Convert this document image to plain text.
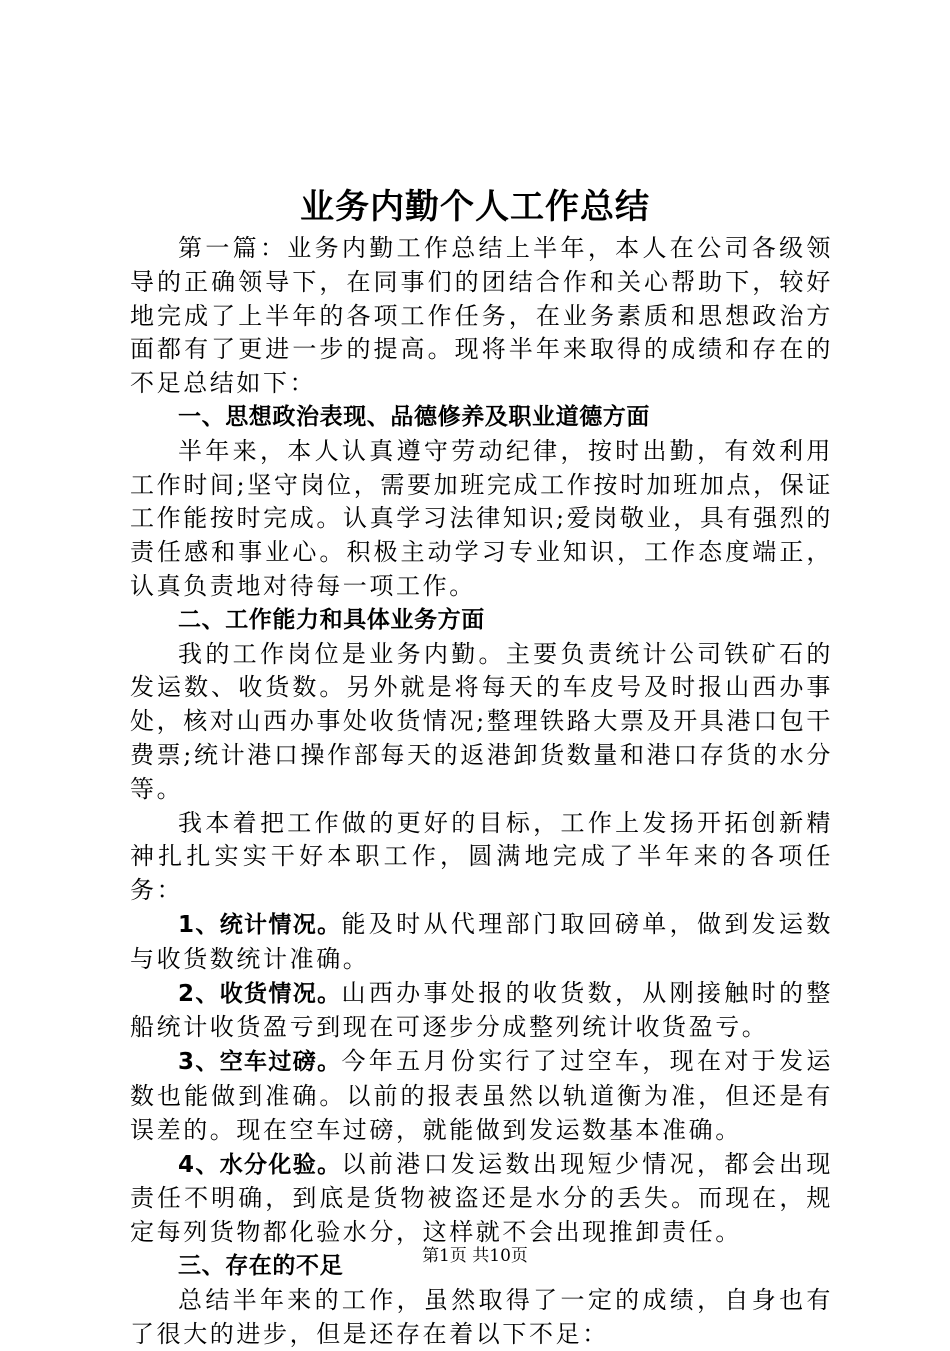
业务内勤个人工作总结

第一篇：业务内勤工作总结上半年，本人在公司各级领导的正确领导下，在同事们的团结合作和关心帮助下，较好地完成了上半年的各项工作任务，在业务素质和思想政治方面都有了更进一步的提高。现将半年来取得的成绩和存在的不足总结如下：

一、思想政治表现、品德修养及职业道德方面

半年来，本人认真遵守劳动纪律，按时出勤，有效利用工作时间;坚守岗位，需要加班完成工作按时加班加点，保证工作能按时完成。认真学习法律知识;爱岗敬业，具有强烈的责任感和事业心。积极主动学习专业知识，工作态度端正，认真负责地对待每一项工作。

二、工作能力和具体业务方面

我的工作岗位是业务内勤。主要负责统计公司铁矿石的发运数、收货数。另外就是将每天的车皮号及时报山西办事处，核对山西办事处收货情况;整理铁路大票及开具港口包干费票;统计港口操作部每天的返港卸货数量和港口存货的水分等。

我本着把工作做的更好的目标，工作上发扬开拓创新精神扎扎实实干好本职工作，圆满地完成了半年来的各项任务：

1、统计情况。能及时从代理部门取回磅单，做到发运数与收货数统计准确。

2、收货情况。山西办事处报的收货数，从刚接触时的整船统计收货盈亏到现在可逐步分成整列统计收货盈亏。

3、空车过磅。今年五月份实行了过空车，现在对于发运数也能做到准确。以前的报表虽然以轨道衡为准，但还是有误差的。现在空车过磅，就能做到发运数基本准确。

4、水分化验。以前港口发运数出现短少情况，都会出现责任不明确，到底是货物被盗还是水分的丢失。而现在，规定每列货物都化验水分，这样就不会出现推卸责任。

三、存在的不足

总结半年来的工作，虽然取得了一定的成绩，自身也有了很大的进步，但是还存在着以下不足：

第1页 共10页
